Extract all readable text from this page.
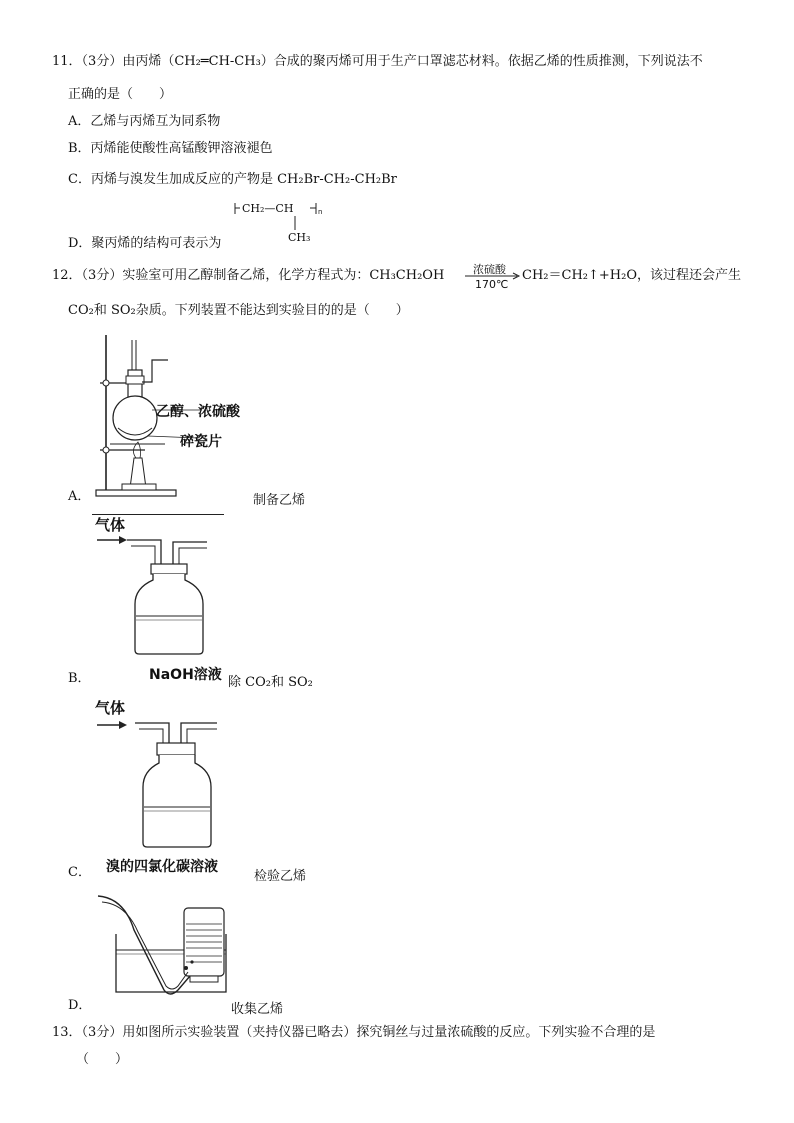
11．（3分）由丙烯（CH₂═CH-CH₃）合成的聚丙烯可用于生产口罩滤芯材料。依据乙烯的性质推测，下列说法不
正确的是（　　）
A．乙烯与丙烯互为同系物
B．丙烯能使酸性高锰酸钾溶液褪色
C．丙烯与溴发生加成反应的产物是 CH₂Br-CH₂-CH₂Br
D．聚丙烯的结构可表示为
CH₂—CH	n
CH₃
12．（3分）实验室可用乙醇制备乙烯，化学方程式为：CH₃CH₂OH	浓硫酸
170℃
CH₂＝CH₂↑+H₂O，该过程还会产生
CO₂和 SO₂杂质。下列装置不能达到实验目的的是（　　）
乙醇、浓硫酸
碎瓷片
A．	制备乙烯
气体
NaOH溶液
B．	除 CO₂和 SO₂
气体
溴的四氯化碳溶液
C．	检验乙烯
D．	收集乙烯
13．（3分）用如图所示实验装置（夹持仪器已略去）探究铜丝与过量浓硫酸的反应。下列实验不合理的是
（　　）
